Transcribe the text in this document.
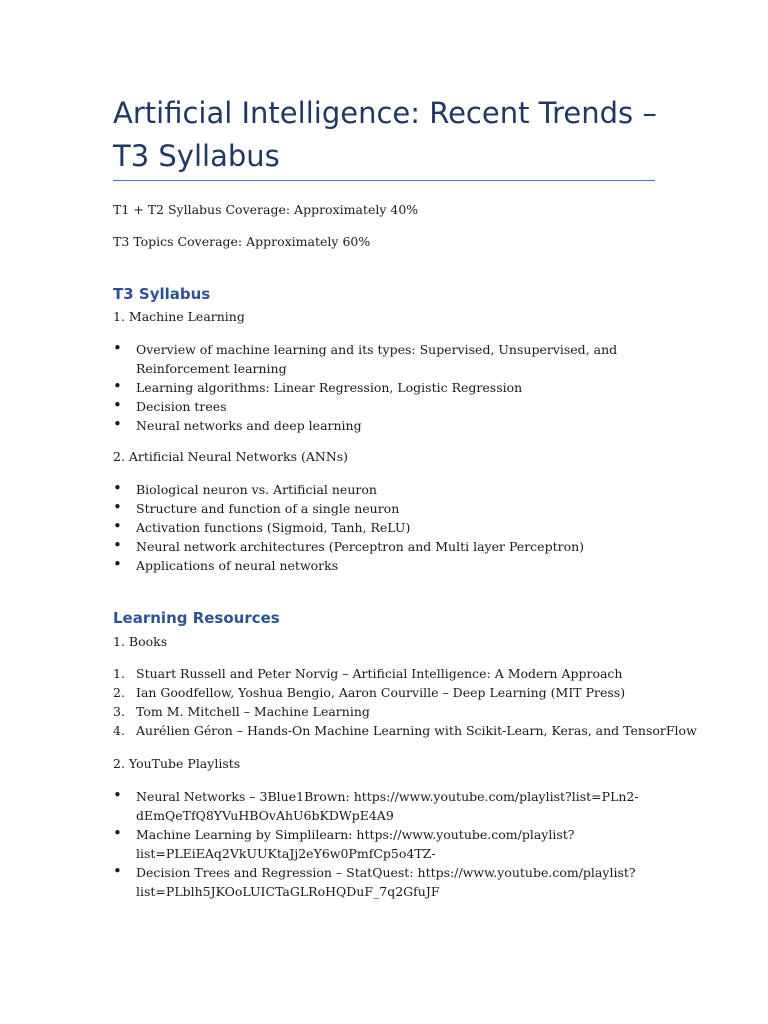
Artificial Intelligence: Recent Trends –
T3 Syllabus

T1 + T2 Syllabus Coverage: Approximately 40%

T3 Topics Coverage: Approximately 60%

T3 Syllabus

1. Machine Learning

• Overview of machine learning and its types: Supervised, Unsupervised, and Reinforcement learning
• Learning algorithms: Linear Regression, Logistic Regression
• Decision trees
• Neural networks and deep learning

2. Artificial Neural Networks (ANNs)

• Biological neuron vs. Artificial neuron
• Structure and function of a single neuron
• Activation functions (Sigmoid, Tanh, ReLU)
• Neural network architectures (Perceptron and Multi layer Perceptron)
• Applications of neural networks
Learning Resources

1. Books

1. Stuart Russell and Peter Norvig – Artificial Intelligence: A Modern Approach
2. Ian Goodfellow, Yoshua Bengio, Aaron Courville – Deep Learning (MIT Press)
3. Tom M. Mitchell – Machine Learning
4. Aurélien Géron – Hands-On Machine Learning with Scikit-Learn, Keras, and TensorFlow

2. YouTube Playlists

• Neural Networks – 3Blue1Brown: https://www.youtube.com/playlist?list=PLn2-
dEmQeTfQ8YVuHBOvAhU6bKDWpE4A9
• Machine Learning by Simplilearn: https://www.youtube.com/playlist?
list=PLEiEAq2VkUUKtaJj2eY6w0PmfCp5o4TZ-
• Decision Trees and Regression – StatQuest: https://www.youtube.com/playlist?
list=PLblh5JKOoLUICTaGLRoHQDuF_7q2GfuJF
